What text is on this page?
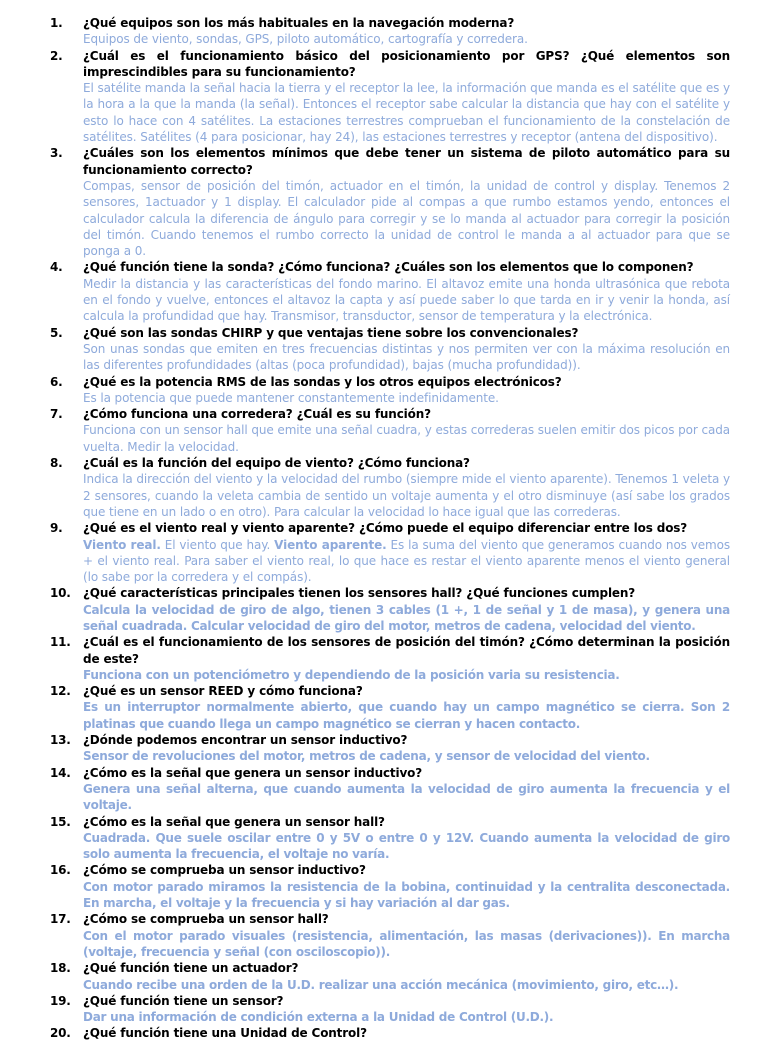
1.	¿Qué equipos son los más habituales en la navegación moderna?
Equipos de viento, sondas, GPS, piloto automático, cartografía y corredera.
2.	¿Cuál es el funcionamiento básico del posicionamiento por GPS? ¿Qué elementos son imprescindibles para su funcionamiento?
El satélite manda la señal hacia la tierra y el receptor la lee, la información que manda es el satélite que es y la hora a la que la manda (la señal). Entonces el receptor sabe calcular la distancia que hay con el satélite y esto lo hace con 4 satélites. La estaciones terrestres comprueban el funcionamiento de la constelación de satélites. Satélites (4 para posicionar, hay 24), las estaciones terrestres y receptor (antena del dispositivo).
3.	¿Cuáles son los elementos mínimos que debe tener un sistema de piloto automático para su funcionamiento correcto?
Compas, sensor de posición del timón, actuador en el timón, la unidad de control y display. Tenemos 2 sensores, 1actuador y 1 display. El calculador pide al compas a que rumbo estamos yendo, entonces el calculador calcula la diferencia de ángulo para corregir y se lo manda al actuador para corregir la posición del timón. Cuando tenemos el rumbo correcto la unidad de control le manda a al actuador para que se ponga a 0.
4.	¿Qué función tiene la sonda? ¿Cómo funciona? ¿Cuáles son los elementos que lo componen?
Medir la distancia y las características del fondo marino. El altavoz emite una honda ultrasónica que rebota en el fondo y vuelve, entonces el altavoz la capta y así puede saber lo que tarda en ir y venir la honda, así calcula la profundidad que hay. Transmisor, transductor, sensor de temperatura y la electrónica.
5.	¿Qué son las sondas CHIRP y que ventajas tiene sobre los convencionales?
Son unas sondas que emiten en tres frecuencias distintas y nos permiten ver con la máxima resolución en las diferentes profundidades (altas (poca profundidad), bajas (mucha profundidad)).
6.	¿Qué es la potencia RMS de las sondas y los otros equipos electrónicos?
Es la potencia que puede mantener constantemente indefinidamente.
7.	¿Cómo funciona una corredera? ¿Cuál es su función?
Funciona con un sensor hall que emite una señal cuadra, y estas correderas suelen emitir dos picos por cada vuelta. Medir la velocidad.
8.	¿Cuál es la función del equipo de viento? ¿Cómo funciona?
Indica la dirección del viento y la velocidad del rumbo (siempre mide el viento aparente). Tenemos 1 veleta y 2 sensores, cuando la veleta cambia de sentido un voltaje aumenta y el otro disminuye (así sabe los grados que tiene en un lado o en otro). Para calcular la velocidad lo hace igual que las correderas.
9.	¿Qué es el viento real y viento aparente? ¿Cómo puede el equipo diferenciar entre los dos?
Viento real. El viento que hay. Viento aparente. Es la suma del viento que generamos cuando nos vemos + el viento real. Para saber el viento real, lo que hace es restar el viento aparente menos el viento general (lo sabe por la corredera y el compás).
10.	¿Qué características principales tienen los sensores hall? ¿Qué funciones cumplen?
Calcula la velocidad de giro de algo, tienen 3 cables (1 +, 1 de señal y 1 de masa), y genera una señal cuadrada. Calcular velocidad de giro del motor, metros de cadena, velocidad del viento.
11.	¿Cuál es el funcionamiento de los sensores de posición del timón? ¿Cómo determinan la posición de este?
Funciona con un potenciómetro y dependiendo de la posición varia su resistencia.
12.	¿Qué es un sensor REED y cómo funciona?
Es un interruptor normalmente abierto, que cuando hay un campo magnético se cierra. Son 2 platinas que cuando llega un campo magnético se cierran y hacen contacto.
13.	¿Dónde podemos encontrar un sensor inductivo?
Sensor de revoluciones del motor, metros de cadena, y sensor de velocidad del viento.
14.	¿Cómo es la señal que genera un sensor inductivo?
Genera una señal alterna, que cuando aumenta la velocidad de giro aumenta la frecuencia y el voltaje.
15.	¿Cómo es la señal que genera un sensor hall?
Cuadrada. Que suele oscilar entre 0 y 5V o entre 0 y 12V. Cuando aumenta la velocidad de giro solo aumenta la frecuencia, el voltaje no varía.
16.	¿Cómo se comprueba un sensor inductivo?
Con motor parado miramos la resistencia de la bobina, continuidad y la centralita desconectada. En marcha, el voltaje y la frecuencia y si hay variación al dar gas.
17.	¿Cómo se comprueba un sensor hall?
Con el motor parado visuales (resistencia, alimentación, las masas (derivaciones)). En marcha (voltaje, frecuencia y señal (con osciloscopio)).
18.	¿Qué función tiene un actuador?
Cuando recibe una orden de la U.D. realizar una acción mecánica (movimiento, giro, etc…).
19.	¿Qué función tiene un sensor?
Dar una información de condición externa a la Unidad de Control (U.D.).
20.	¿Qué función tiene una Unidad de Control?
